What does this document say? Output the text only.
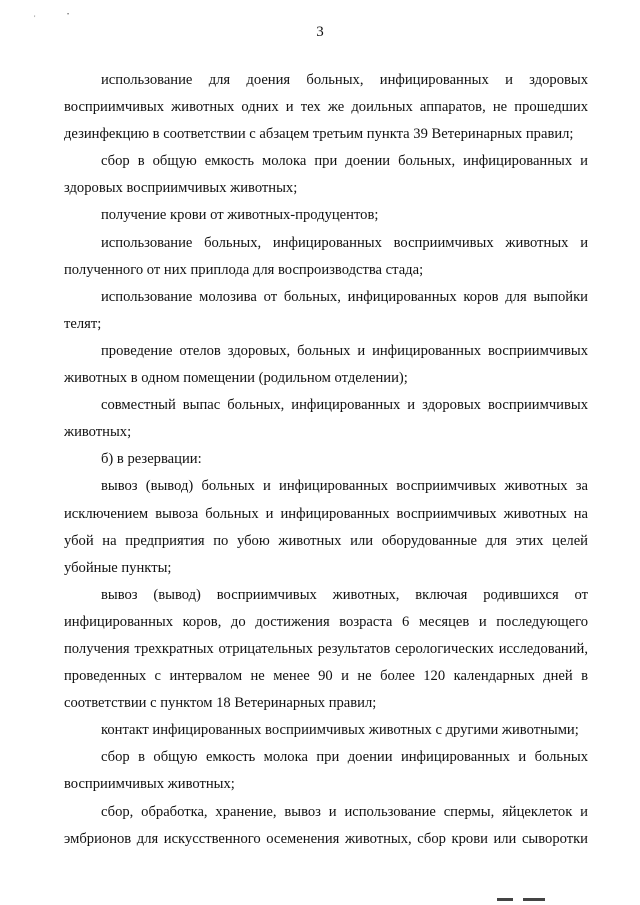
,	•
3
использование для доения больных, инфицированных и здоровых
восприимчивых животных одних и тех же доильных аппаратов, не прошедших
дезинфекцию в соответствии с абзацем третьим пункта 39 Ветеринарных правил;
сбор в общую емкость молока при доении больных, инфицированных и
здоровых восприимчивых животных;
получение крови от животных-продуцентов;
использование больных, инфицированных восприимчивых животных и
полученного от них приплода для воспроизводства стада;
использование молозива от больных, инфицированных коров для выпойки
телят;
проведение отелов здоровых, больных и инфицированных восприимчивых
животных в одном помещении (родильном отделении);
совместный выпас больных, инфицированных и здоровых восприимчивых
животных;
б) в резервации:
вывоз (вывод) больных и инфицированных восприимчивых животных за
исключением вывоза больных и инфицированных восприимчивых животных на
убой на предприятия по убою животных или оборудованные для этих целей
убойные пункты;
вывоз (вывод) восприимчивых животных, включая родившихся от
инфицированных коров, до достижения возраста 6 месяцев и последующего
получения трехкратных отрицательных результатов серологических исследований,
проведенных с интервалом не менее 90 и не более 120 календарных дней в
соответствии с пунктом 18 Ветеринарных правил;
контакт инфицированных восприимчивых животных с другими животными;
сбор в общую емкость молока при доении инфицированных и больных
восприимчивых животных;
сбор, обработка, хранение, вывоз и использование спермы, яйцеклеток и
эмбрионов для искусственного осеменения животных, сбор крови или сыворотки
